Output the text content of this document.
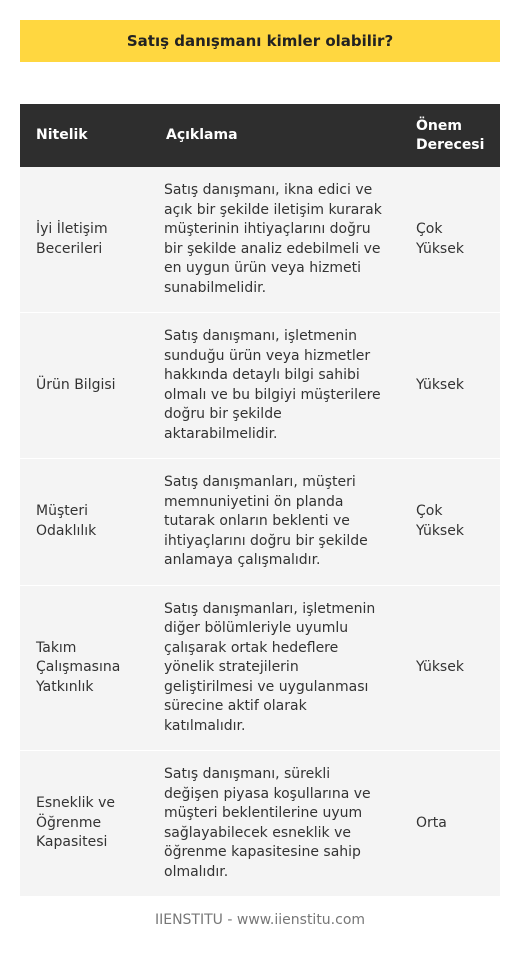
Satış danışmanı kimler olabilir?
Nitelik	Açıklama	Önem Derecesi
İyi İletişim Becerileri	Satış danışmanı, ikna edici ve açık bir şekilde iletişim kurarak müşterinin ihtiyaçlarını doğru bir şekilde analiz edebilmeli ve en uygun ürün veya hizmeti sunabilmelidir.	Çok Yüksek
Ürün Bilgisi	Satış danışmanı, işletmenin sunduğu ürün veya hizmetler hakkında detaylı bilgi sahibi olmalı ve bu bilgiyi müşterilere doğru bir şekilde aktarabilmelidir.	Yüksek
Müşteri Odaklılık	Satış danışmanları, müşteri memnuniyetini ön planda tutarak onların beklenti ve ihtiyaçlarını doğru bir şekilde anlamaya çalışmalıdır.	Çok Yüksek
Takım Çalışmasına Yatkınlık	Satış danışmanları, işletmenin diğer bölümleriyle uyumlu çalışarak ortak hedeflere yönelik stratejilerin geliştirilmesi ve uygulanması sürecine aktif olarak katılmalıdır.	Yüksek
Esneklik ve Öğrenme Kapasitesi	Satış danışmanı, sürekli değişen piyasa koşullarına ve müşteri beklentilerine uyum sağlayabilecek esneklik ve öğrenme kapasitesine sahip olmalıdır.	Orta
IIENSTITU - www.iienstitu.com
